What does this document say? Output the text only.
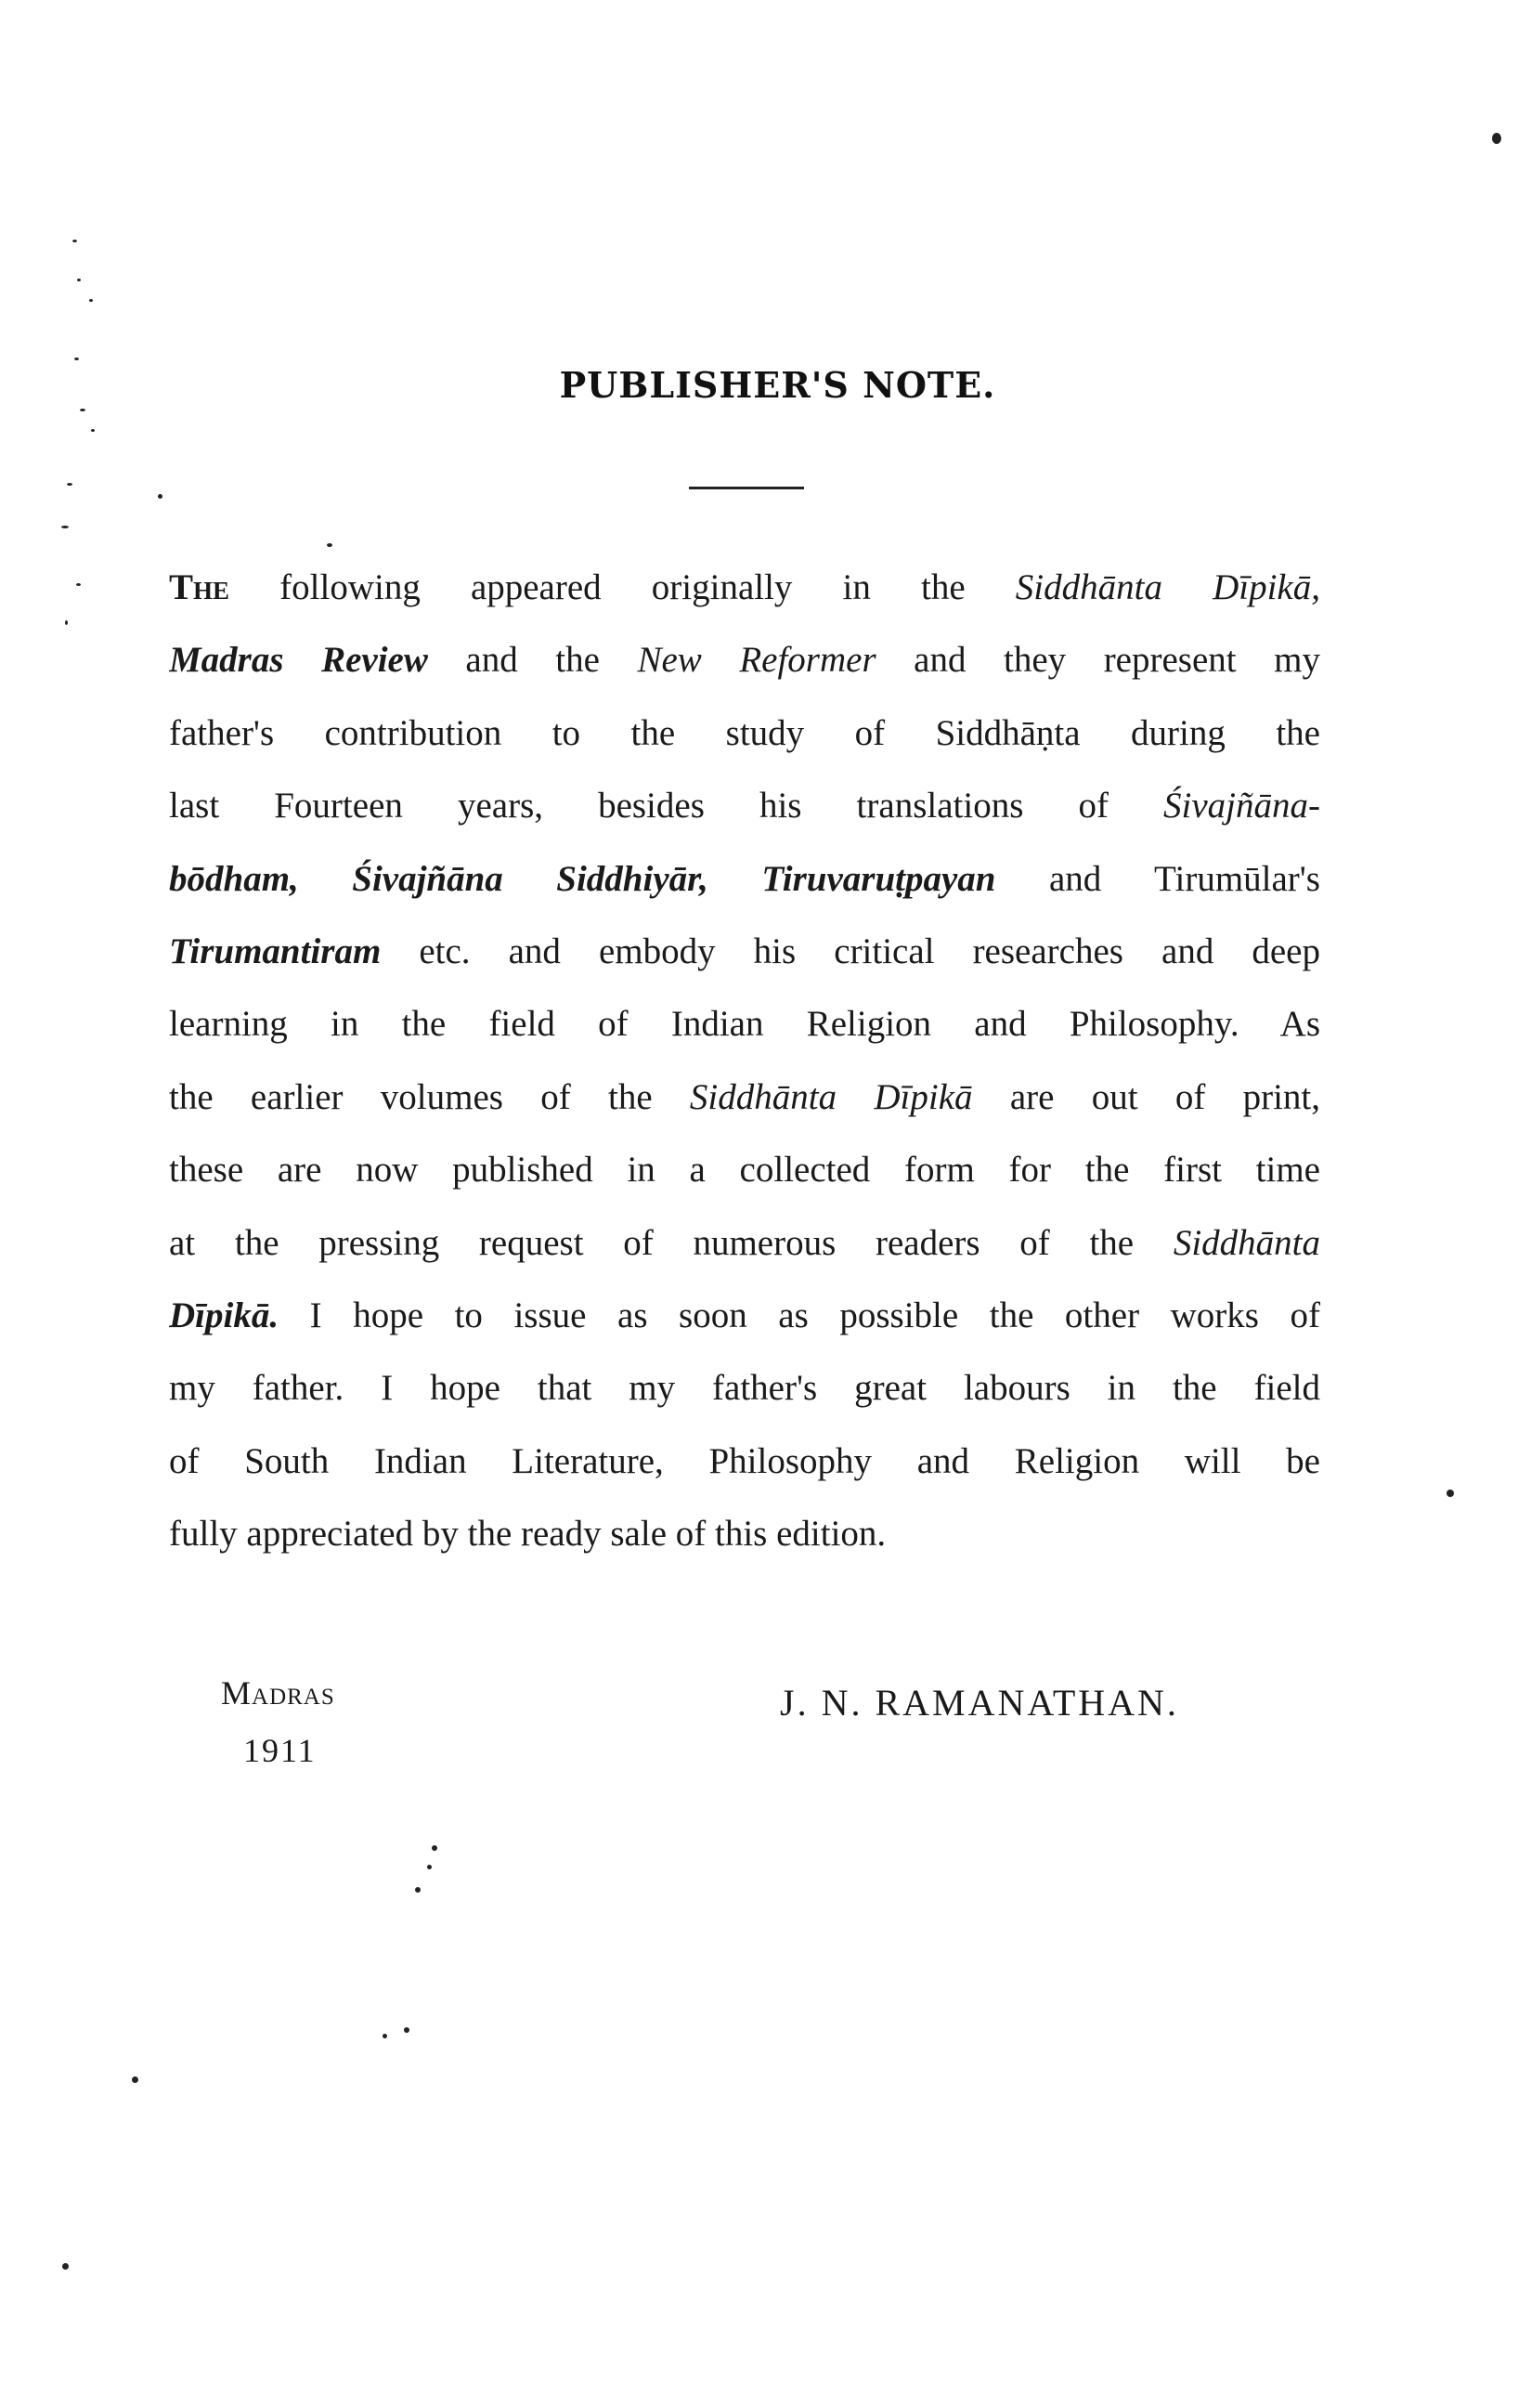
PUBLISHER'S NOTE.
The following appeared originally in the Siddhānta Dīpikā,
Madras Review and the New Reformer and they represent my
father's contribution to the study of Siddhāṇta during the
last Fourteen years, besides his translations of Śivajñāna-
bōdham, Śivajñāna Siddhiyār, Tiruvaruṭpayan and Tirumūlar's
Tirumantiram etc. and embody his critical researches and deep
learning in the field of Indian Religion and Philosophy. As
the earlier volumes of the Siddhānta Dīpikā are out of print,
these are now published in a collected form for the first time
at the pressing request of numerous readers of the Siddhānta
Dīpikā. I hope to issue as soon as possible the other works of
my father. I hope that my father's great labours in the field
of South Indian Literature, Philosophy and Religion will be
fully appreciated by the ready sale of this edition.
Madras
1911
J. N. RAMANATHAN.
